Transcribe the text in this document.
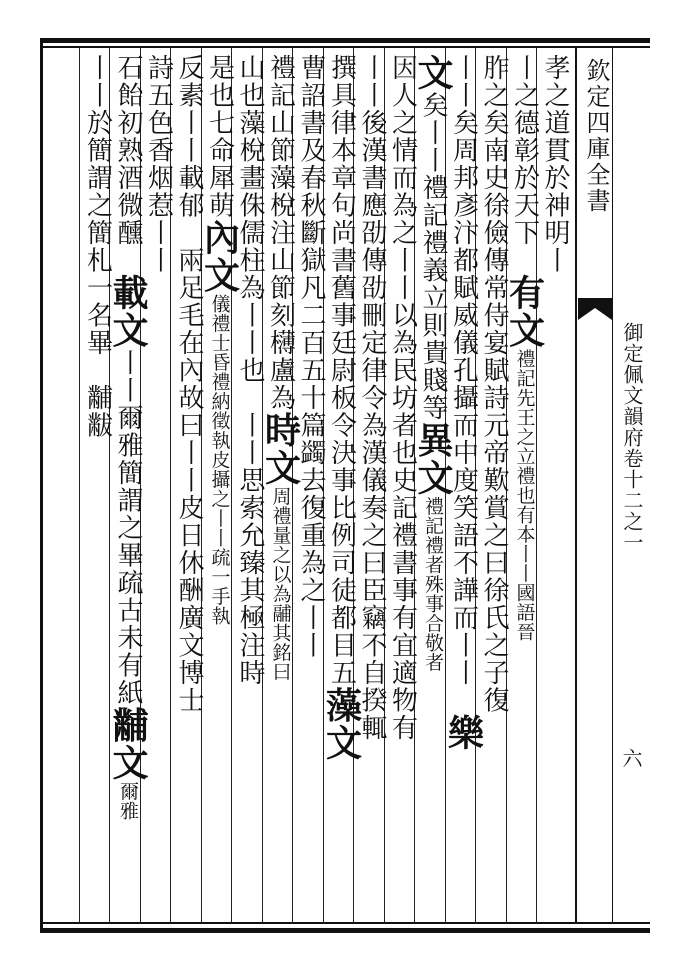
欽定四庫全書
御定佩文韻府卷十二之一
六
孝之道貫於神明丨
丨之德彰於天下　有文禮記先王之立禮也有本丨丨國語晉
胙之矣南史徐儉傳常侍宴賦詩元帝歎賞之曰徐氏之子復
丨丨矣周邦彥汴都賦威儀孔攝而中度笑語不譁而丨丨　樂
文矣丨丨禮記禮義立則貴賤等異文禮記禮者殊事合敬者
因人之情而為之丨丨以為民坊者也史記禮書事有宜適物有
丨丨後漢書應劭傳劭刪定律令為漢儀奏之曰臣竊不自揆輒
撰具律本章句尚書舊事廷尉板令決事比例司徒都目五藻文
曹詔書及春秋斷獄凡二百五十篇蠲去復重為之丨丨
禮記山節藻梲注山節刻欂盧為時文周禮量之以為鬴其銘曰
山也藻梲畫侏儒柱為丨丨也　丨丨思索允臻其極注時
是也七命犀萌內文儀禮士昏禮納徵執皮攝之丨丨疏一手執
反素丨丨載郁　兩足毛在內故曰丨丨皮日休酬廣文博士
詩五色香烟惹丨丨
石飴初熟酒微醺　載文丨丨爾雅簡謂之畢疏古未有紙黼文爾雅
丨丨於簡謂之簡札一名畢　黼黻
